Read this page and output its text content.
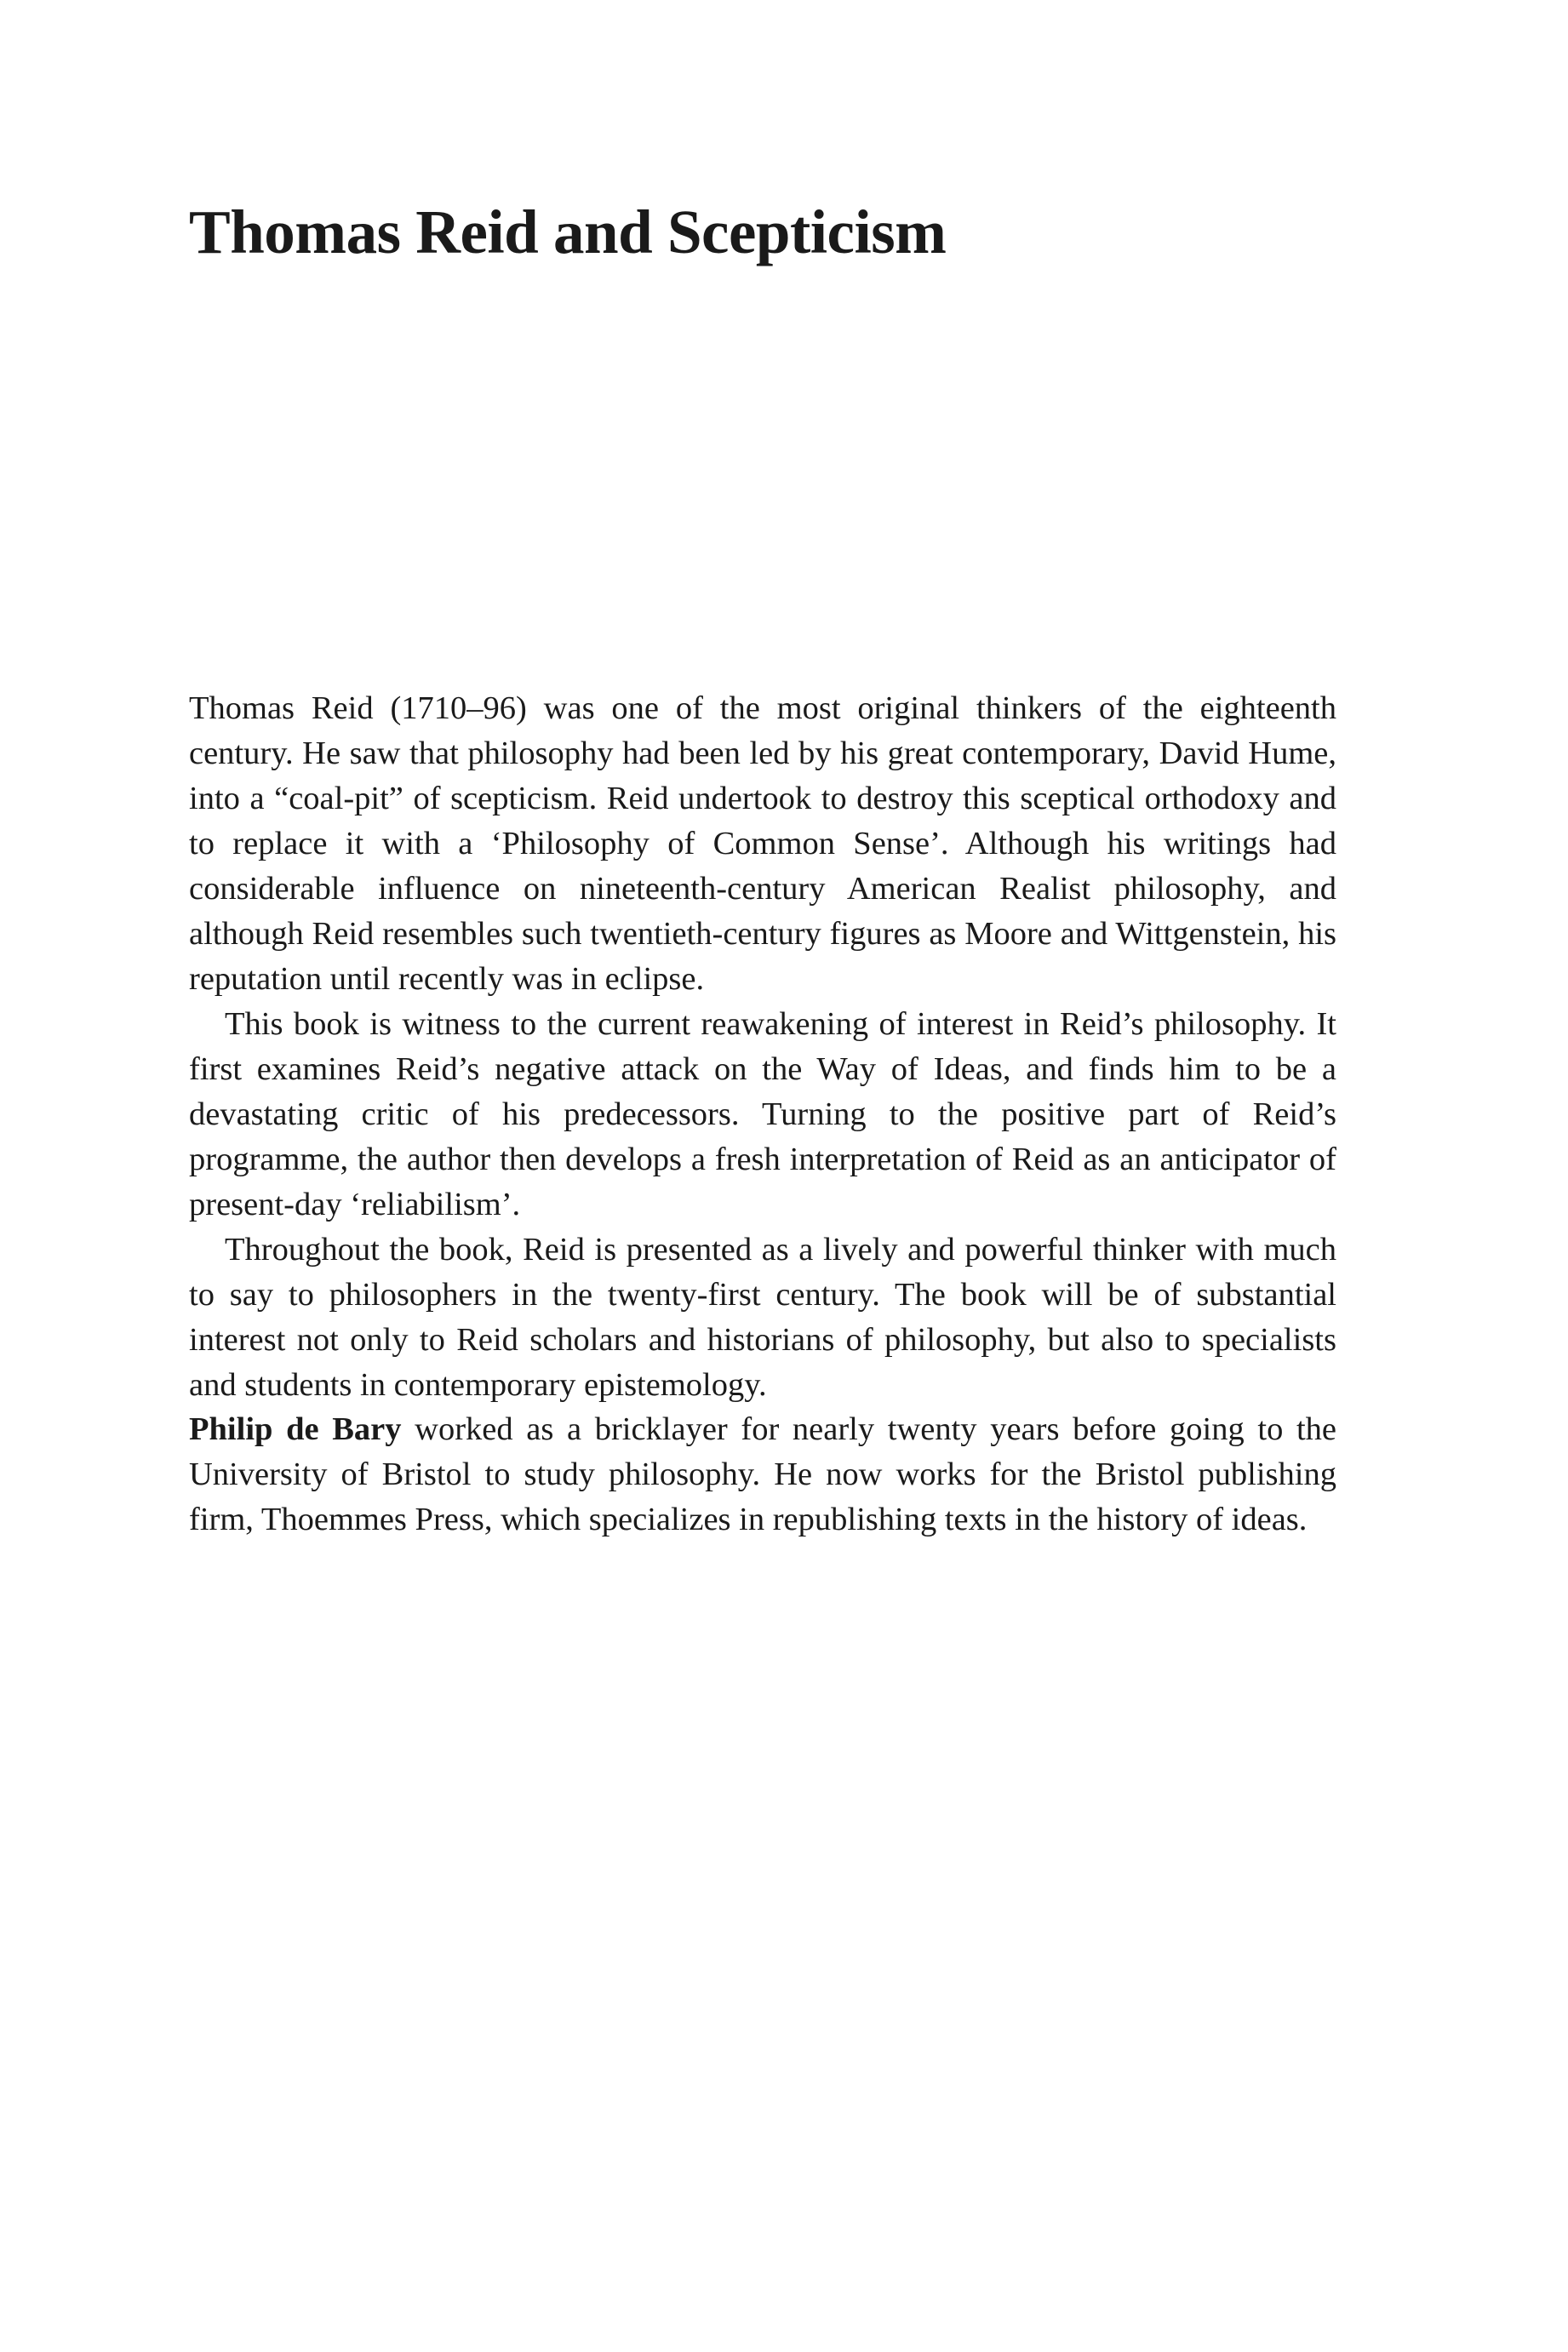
Thomas Reid and Scepticism

Thomas Reid (1710–96) was one of the most original thinkers of the eighteenth century. He saw that philosophy had been led by his great contemporary, David Hume, into a “coal-pit” of scepticism. Reid undertook to destroy this sceptical orthodoxy and to replace it with a ‘Philosophy of Common Sense’. Although his writings had considerable influence on nineteenth-century American Realist philosophy, and although Reid resembles such twentieth-century figures as Moore and Wittgenstein, his reputation until recently was in eclipse.

This book is witness to the current reawakening of interest in Reid’s philosophy. It first examines Reid’s negative attack on the Way of Ideas, and finds him to be a devastating critic of his predecessors. Turning to the positive part of Reid’s programme, the author then develops a fresh interpretation of Reid as an anticipator of present-day ‘reliabilism’.

Throughout the book, Reid is presented as a lively and powerful thinker with much to say to philosophers in the twenty-first century. The book will be of substantial interest not only to Reid scholars and historians of philosophy, but also to specialists and students in contemporary epistemology.

Philip de Bary worked as a bricklayer for nearly twenty years before going to the University of Bristol to study philosophy. He now works for the Bristol publishing firm, Thoemmes Press, which specializes in republishing texts in the history of ideas.
